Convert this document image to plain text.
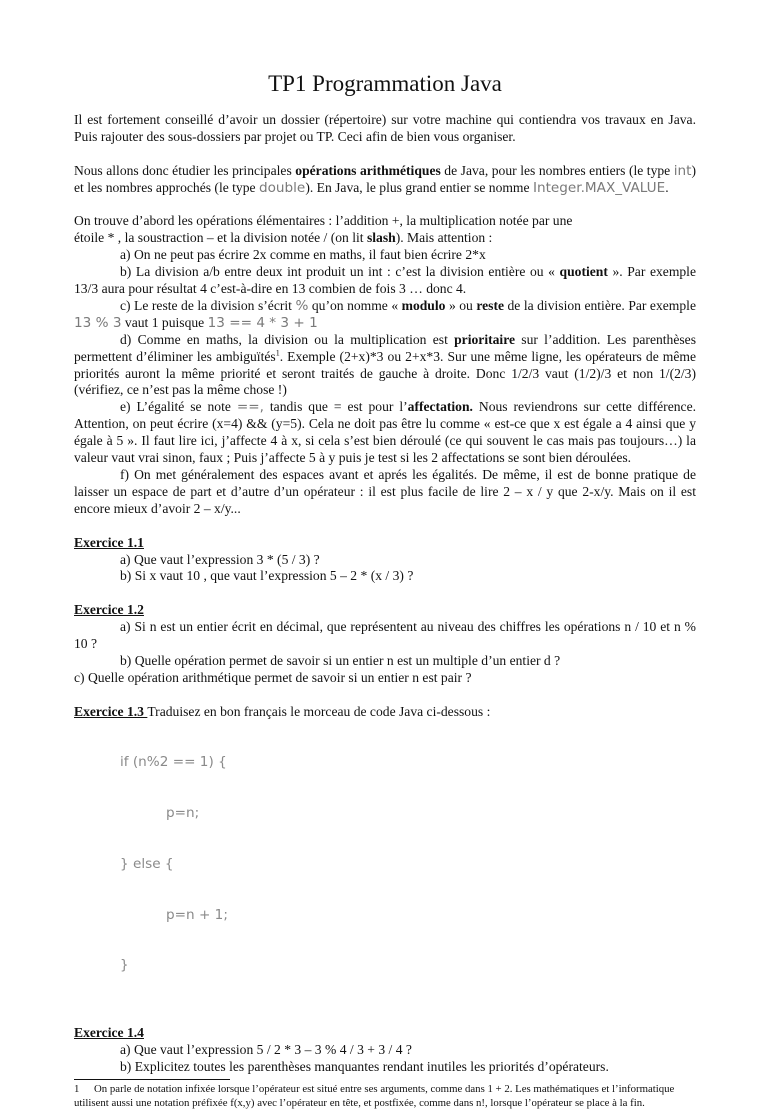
TP1 Programmation Java

Il est fortement conseillé d’avoir un dossier (répertoire) sur votre machine qui contiendra vos travaux en Java. Puis rajouter des sous-dossiers par projet ou TP. Ceci afin de bien vous organiser.

Nous allons donc étudier les principales opérations arithmétiques de Java, pour les nombres entiers (le type int) et les nombres approchés (le type double). En Java, le plus grand entier se nomme Integer.MAX_VALUE.

On trouve d’abord les opérations élémentaires : l’addition +, la multiplication notée par une

étoile * , la soustraction – et la division notée / (on lit slash). Mais attention :

a) On ne peut pas écrire 2x comme en maths, il faut bien écrire 2*x

b) La division a/b entre deux int produit un int : c’est la division entière ou « quotient ». Par exemple 13/3 aura pour résultat 4 c’est-à-dire en 13 combien de fois 3 … donc 4.

c) Le reste de la division s’écrit % qu’on nomme « modulo » ou reste de la division entière. Par exemple 13 % 3 vaut 1 puisque 13 == 4 * 3 + 1

d) Comme en maths, la division ou la multiplication est prioritaire sur l’addition. Les parenthèses permettent d’éliminer les ambiguïtés$^1$. Exemple (2+x)*3 ou 2+x*3. Sur une même ligne, les opérateurs de même priorités auront la même priorité et seront traités de gauche à droite. Donc 1/2/3 vaut (1/2)/3 et non 1/(2/3) (vérifiez, ce n’est pas la même chose !)

e) L’égalité se note ==, tandis que = est pour l’affectation. Nous reviendrons sur cette différence. Attention, on peut écrire (x=4) && (y=5). Cela ne doit pas être lu comme « est-ce que x est égale a 4 ainsi que y égale à 5 ». Il faut lire ici, j’affecte 4 à x, si cela s’est bien déroulé (ce qui souvent le cas mais pas toujours…) la valeur vaut vrai sinon, faux ; Puis j’affecte 5 à y puis je test si les 2 affectations se sont bien déroulées.

f) On met généralement des espaces avant et aprés les égalités. De même, il est de bonne pratique de laisser un espace de part et d’autre d’un opérateur : il est plus facile de lire 2 – x / y que 2-x/y. Mais on il est encore mieux d’avoir 2 – x/y...

Exercice 1.1

a) Que vaut l’expression 3 * (5 / 3) ?

b) Si x vaut 10 , que vaut l’expression 5 – 2 * (x / 3) ?

Exercice 1.2

a) Si n est un entier écrit en décimal, que représentent au niveau des chiffres les opérations n / 10 et n % 10 ?

b) Quelle opération permet de savoir si un entier n est un multiple d’un entier d ?

c) Quelle opération arithmétique permet de savoir si un entier n est pair ?

Exercice 1.3 Traduisez en bon français le morceau de code Java ci-dessous :

if (n%2 == 1) {

p=n;

} else {

p=n + 1;

}

Exercice 1.4

a) Que vaut l’expression 5 / 2 * 3 – 3 % 4 / 3 + 3 / 4 ?

b) Explicitez toutes les parenthèses manquantes rendant inutiles les priorités d’opérateurs.

1 On parle de notation infixée lorsque l’opérateur est situé entre ses arguments, comme dans 1 + 2. Les mathématiques et l’informatique utilisent aussi une notation préfixée f(x,y) avec l’opérateur en tête, et postfixée, comme dans n!, lorsque l’opérateur se place à la fin.
